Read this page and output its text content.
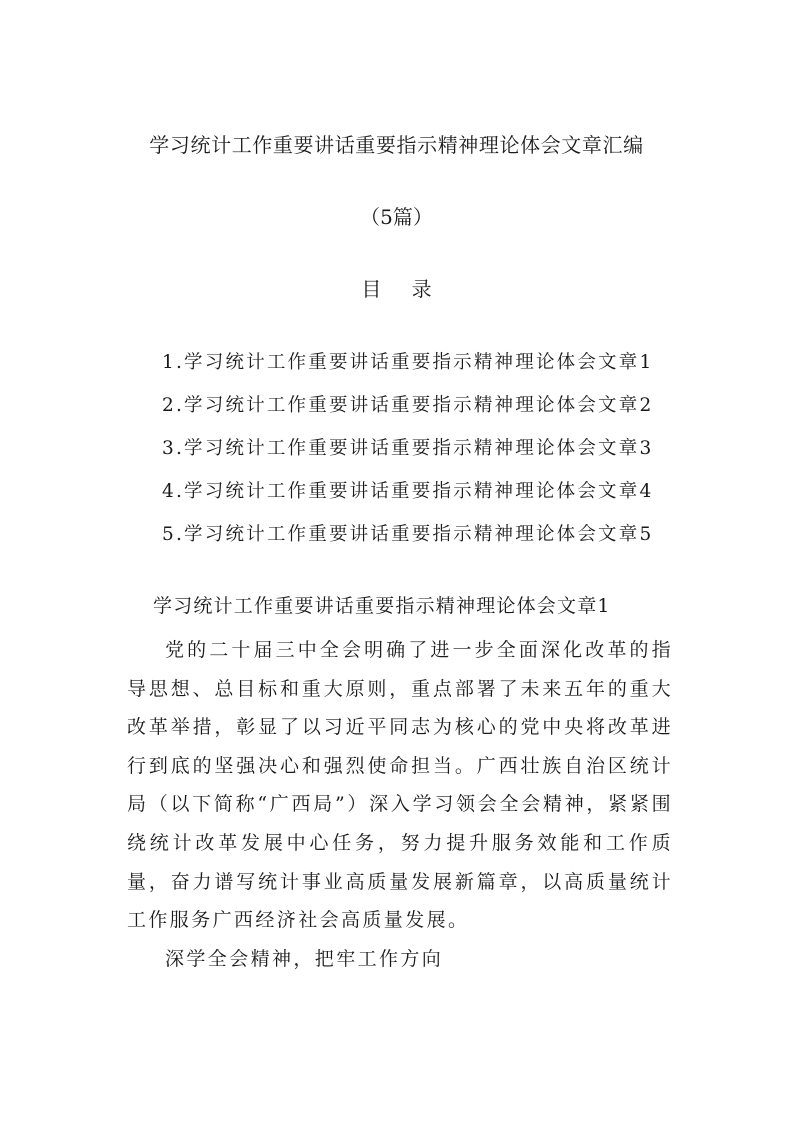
学习统计工作重要讲话重要指示精神理论体会文章汇编
（5篇）
目 录
1.学习统计工作重要讲话重要指示精神理论体会文章1
2.学习统计工作重要讲话重要指示精神理论体会文章2
3.学习统计工作重要讲话重要指示精神理论体会文章3
4.学习统计工作重要讲话重要指示精神理论体会文章4
5.学习统计工作重要讲话重要指示精神理论体会文章5
学习统计工作重要讲话重要指示精神理论体会文章1

党的二十届三中全会明确了进一步全面深化改革的指导思想、总目标和重大原则，重点部署了未来五年的重大改革举措，彰显了以习近平同志为核心的党中央将改革进行到底的坚强决心和强烈使命担当。广西壮族自治区统计局（以下简称“广西局”）深入学习领会全会精神，紧紧围绕统计改革发展中心任务，努力提升服务效能和工作质量，奋力谱写统计事业高质量发展新篇章，以高质量统计工作服务广西经济社会高质量发展。

深学全会精神，把牢工作方向
